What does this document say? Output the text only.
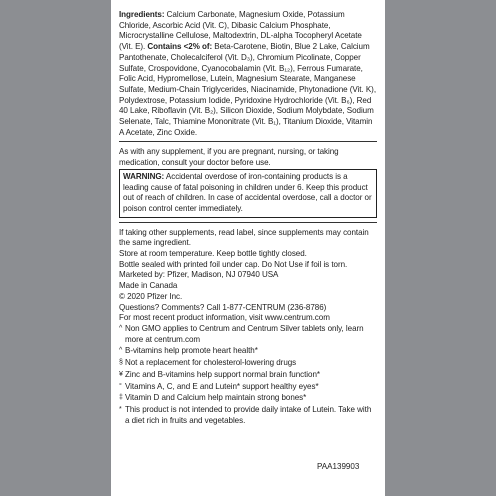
Ingredients: Calcium Carbonate, Magnesium Oxide, Potassium Chloride, Ascorbic Acid (Vit. C), Dibasic Calcium Phosphate, Microcrystalline Cellulose, Maltodextrin, DL-alpha Tocopheryl Acetate (Vit. E). Contains <2% of: Beta-Carotene, Biotin, Blue 2 Lake, Calcium Pantothenate, Cholecalciferol (Vit. D₃), Chromium Picolinate, Copper Sulfate, Crospovidone, Cyanocobalamin (Vit. B₁₂), Ferrous Fumarate, Folic Acid, Hypromellose, Lutein, Magnesium Stearate, Manganese Sulfate, Medium-Chain Triglycerides, Niacinamide, Phytonadione (Vit. K), Polydextrose, Potassium Iodide, Pyridoxine Hydrochloride (Vit. B₆), Red 40 Lake, Riboflavin (Vit. B₂), Silicon Dioxide, Sodium Molybdate, Sodium Selenate, Talc, Thiamine Mononitrate (Vit. B₁), Titanium Dioxide, Vitamin A Acetate, Zinc Oxide.

As with any supplement, if you are pregnant, nursing, or taking medication, consult your doctor before use.

WARNING: Accidental overdose of iron-containing products is a leading cause of fatal poisoning in children under 6. Keep this product out of reach of children. In case of accidental overdose, call a doctor or poison control center immediately.

If taking other supplements, read label, since supplements may contain the same ingredient.

Store at room temperature. Keep bottle tightly closed.

Bottle sealed with printed foil under cap. Do Not Use if foil is torn.

Marketed by: Pfizer, Madison, NJ 07940 USA

Made in Canada

© 2020 Pfizer Inc.

Questions? Comments? Call 1-877-CENTRUM (236-8786)

For most recent product information, visit www.centrum.com

^ Non GMO applies to Centrum and Centrum Silver tablets only, learn more at centrum.com
^ B-vitamins help promote heart health*
§ Not a replacement for cholesterol-lowering drugs
¥ Zinc and B-vitamins help support normal brain function*
° Vitamins A, C, and E and Lutein* support healthy eyes*
‡ Vitamin D and Calcium help maintain strong bones*
* This product is not intended to provide daily intake of Lutein. Take with a diet rich in fruits and vegetables.
PAA139903
